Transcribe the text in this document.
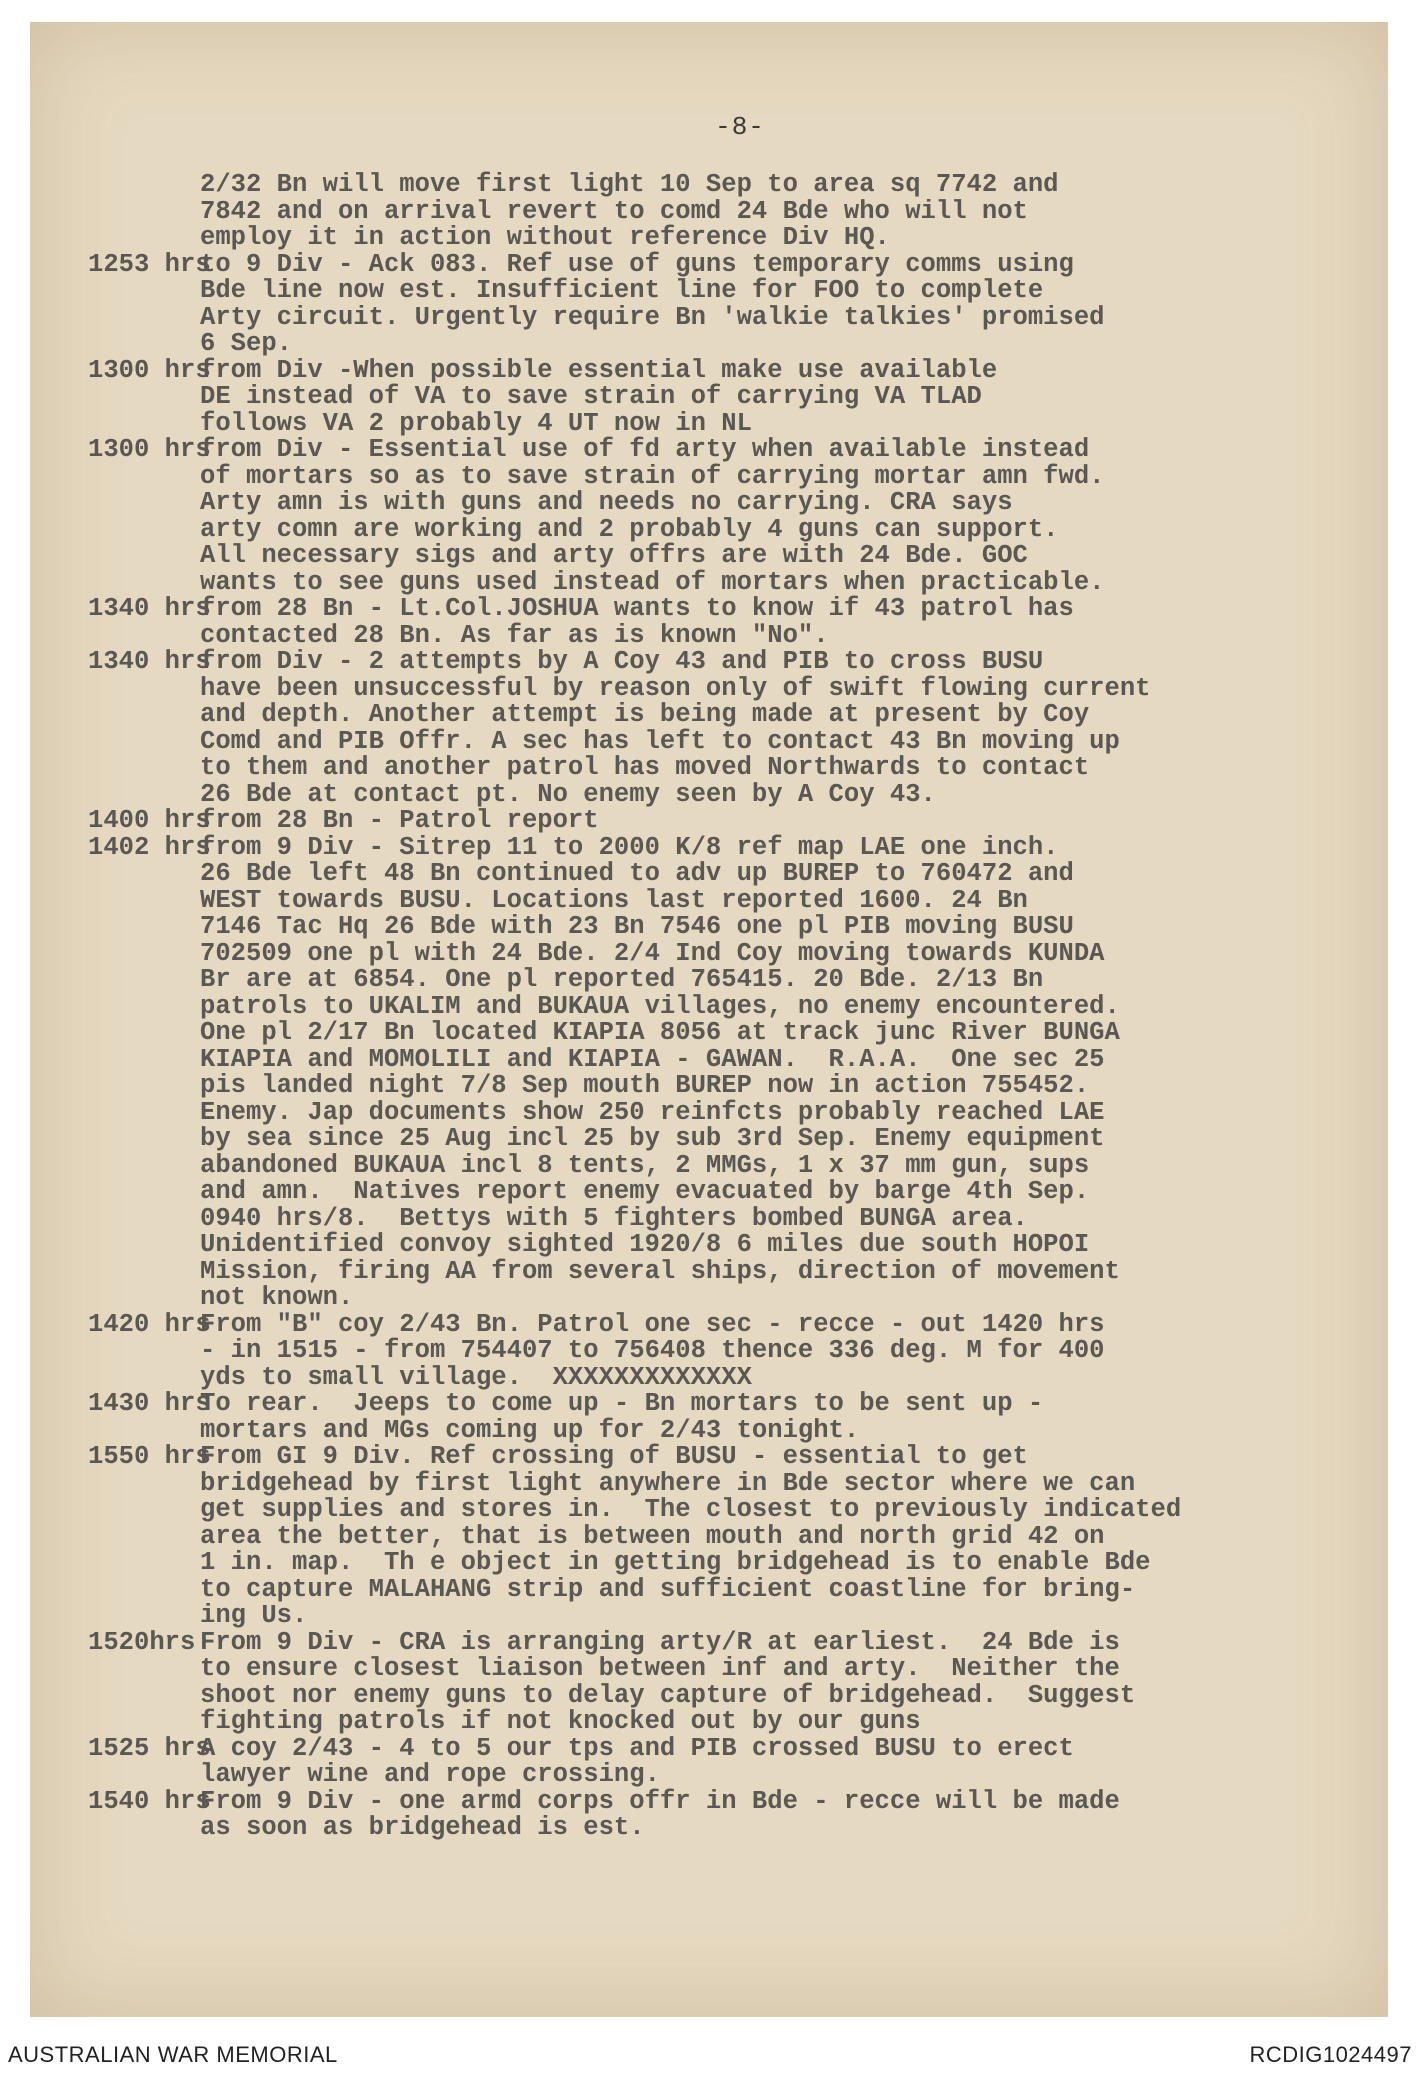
-8-
2/32 Bn will move first light 10 Sep to area sq 7742 and
7842 and on arrival revert to comd 24 Bde who will not
employ it in action without reference Div HQ.
1253 hrs
to 9 Div - Ack 083. Ref use of guns temporary comms using
Bde line now est. Insufficient line for FOO to complete
Arty circuit. Urgently require Bn 'walkie talkies' promised
6 Sep.
1300 hrs
from Div -When possible essential make use available
DE instead of VA to save strain of carrying VA TLAD
follows VA 2 probably 4 UT now in NL
1300 hrs
from Div - Essential use of fd arty when available instead
of mortars so as to save strain of carrying mortar amn fwd.
Arty amn is with guns and needs no carrying. CRA says
arty comn are working and 2 probably 4 guns can support.
All necessary sigs and arty offrs are with 24 Bde. GOC
wants to see guns used instead of mortars when practicable.
1340 hrs
from 28 Bn - Lt.Col.JOSHUA wants to know if 43 patrol has
contacted 28 Bn. As far as is known "No".
1340 hrs
from Div - 2 attempts by A Coy 43 and PIB to cross BUSU
have been unsuccessful by reason only of swift flowing current
and depth. Another attempt is being made at present by Coy
Comd and PIB Offr. A sec has left to contact 43 Bn moving up
to them and another patrol has moved Northwards to contact
26 Bde at contact pt. No enemy seen by A Coy 43.
1400 hrs
from 28 Bn - Patrol report
1402 hrs
from 9 Div - Sitrep 11 to 2000 K/8 ref map LAE one inch.
26 Bde left 48 Bn continued to adv up BUREP to 760472 and
WEST towards BUSU. Locations last reported 1600. 24 Bn
7146 Tac Hq 26 Bde with 23 Bn 7546 one pl PIB moving BUSU
702509 one pl with 24 Bde. 2/4 Ind Coy moving towards KUNDA
Br are at 6854. One pl reported 765415. 20 Bde. 2/13 Bn
patrols to UKALIM and BUKAUA villages, no enemy encountered.
One pl 2/17 Bn located KIAPIA 8056 at track junc River BUNGA
KIAPIA and MOMOLILI and KIAPIA - GAWAN.  R.A.A.  One sec 25
pis landed night 7/8 Sep mouth BUREP now in action 755452.
Enemy. Jap documents show 250 reinfcts probably reached LAE
by sea since 25 Aug incl 25 by sub 3rd Sep. Enemy equipment
abandoned BUKAUA incl 8 tents, 2 MMGs, 1 x 37 mm gun, sups
and amn.  Natives report enemy evacuated by barge 4th Sep.
0940 hrs/8.  Bettys with 5 fighters bombed BUNGA area.
Unidentified convoy sighted 1920/8 6 miles due south HOPOI
Mission, firing AA from several ships, direction of movement
not known.
1420 hrs
From "B" coy 2/43 Bn. Patrol one sec - recce - out 1420 hrs
- in 1515 - from 754407 to 756408 thence 336 deg. M for 400
yds to small village.  XXXXXXXXXXXXX
1430 hrs
To rear.  Jeeps to come up - Bn mortars to be sent up -
mortars and MGs coming up for 2/43 tonight.
1550 hrs
From GI 9 Div. Ref crossing of BUSU - essential to get
bridgehead by first light anywhere in Bde sector where we can
get supplies and stores in.  The closest to previously indicated
area the better, that is between mouth and north grid 42 on
1 in. map.  Th e object in getting bridgehead is to enable Bde
to capture MALAHANG strip and sufficient coastline for bring-
ing Us.
1520hrs From 9 Div - CRA is arranging arty/R at earliest.  24 Bde is
to ensure closest liaison between inf and arty.  Neither the
shoot nor enemy guns to delay capture of bridgehead.  Suggest
fighting patrols if not knocked out by our guns
1525 hrs
A coy 2/43 - 4 to 5 our tps and PIB crossed BUSU to erect
lawyer wine and rope crossing.
1540 hrs
From 9 Div - one armd corps offr in Bde - recce will be made
as soon as bridgehead is est.
AUSTRALIAN WAR MEMORIAL	RCDIG1024497
